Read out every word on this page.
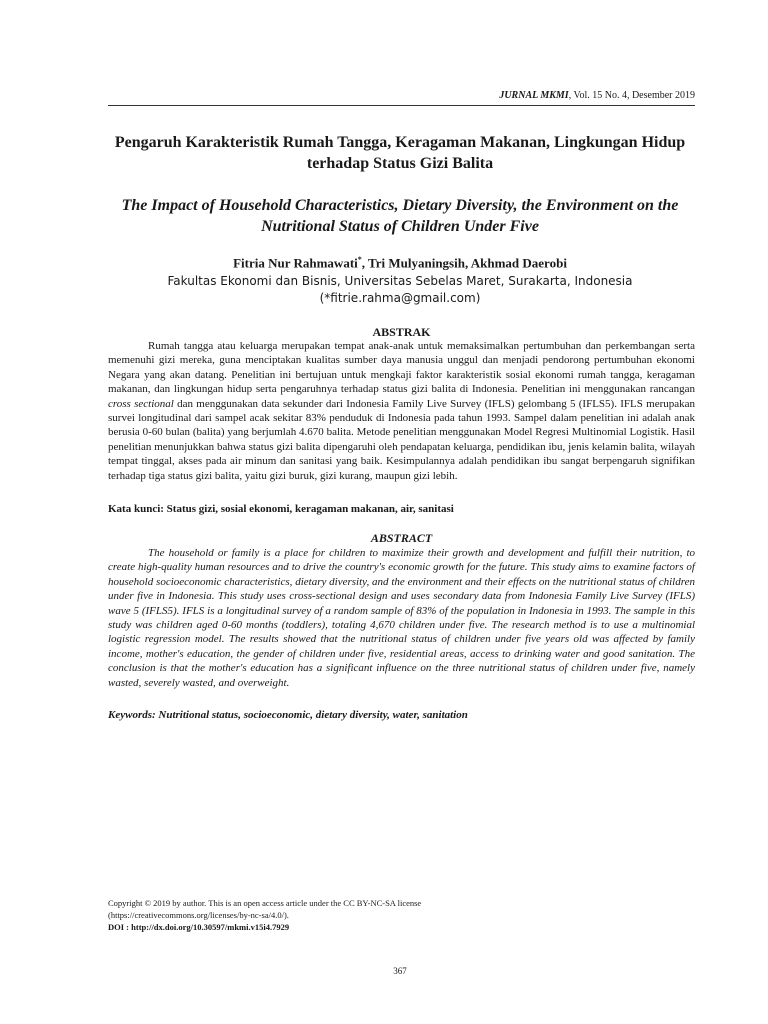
JURNAL MKMI, Vol. 15 No. 4, Desember 2019
Pengaruh Karakteristik Rumah Tangga, Keragaman Makanan, Lingkungan Hidup terhadap Status Gizi Balita
The Impact of Household Characteristics, Dietary Diversity, the Environment on the Nutritional Status of Children Under Five
Fitria Nur Rahmawati*, Tri Mulyaningsih, Akhmad Daerobi
Fakultas Ekonomi dan Bisnis, Universitas Sebelas Maret, Surakarta, Indonesia
(*fitrie.rahma@gmail.com)
ABSTRAK

Rumah tangga atau keluarga merupakan tempat anak-anak untuk memaksimalkan pertumbuhan dan perkembangan serta memenuhi gizi mereka, guna menciptakan kualitas sumber daya manusia unggul dan menjadi pendorong pertumbuhan ekonomi Negara yang akan datang. Penelitian ini bertujuan untuk mengkaji faktor karakteristik sosial ekonomi rumah tangga, keragaman makanan, dan lingkungan hidup serta pengaruhnya terhadap status gizi balita di Indonesia. Penelitian ini menggunakan rancangan cross sectional dan menggunakan data sekunder dari Indonesia Family Live Survey (IFLS) gelombang 5 (IFLS5). IFLS merupakan survei longitudinal dari sampel acak sekitar 83% penduduk di Indonesia pada tahun 1993. Sampel dalam penelitian ini adalah anak berusia 0-60 bulan (balita) yang berjumlah 4.670 balita. Metode penelitian menggunakan Model Regresi Multinomial Logistik. Hasil penelitian menunjukkan bahwa status gizi balita dipengaruhi oleh pendapatan keluarga, pendidikan ibu, jenis kelamin balita, wilayah tempat tinggal, akses pada air minum dan sanitasi yang baik. Kesimpulannya adalah pendidikan ibu sangat berpengaruh signifikan terhadap tiga status gizi balita, yaitu gizi buruk, gizi kurang, maupun gizi lebih.

Kata kunci: Status gizi, sosial ekonomi, keragaman makanan, air, sanitasi
ABSTRACT

The household or family is a place for children to maximize their growth and development and fulfill their nutrition, to create high-quality human resources and to drive the country's economic growth for the future. This study aims to examine factors of household socioeconomic characteristics, dietary diversity, and the environment and their effects on the nutritional status of children under five in Indonesia. This study uses cross-sectional design and uses secondary data from Indonesia Family Live Survey (IFLS) wave 5 (IFLS5). IFLS is a longitudinal survey of a random sample of 83% of the population in Indonesia in 1993. The sample in this study was children aged 0-60 months (toddlers), totaling 4,670 children under five. The research method is to use a multinomial logistic regression model. The results showed that the nutritional status of children under five years old was affected by family income, mother's education, the gender of children under five, residential areas, access to drinking water and good sanitation. The conclusion is that the mother's education has a significant influence on the three nutritional status of children under five, namely wasted, severely wasted, and overweight.

Keywords: Nutritional status, socioeconomic, dietary diversity, water, sanitation
Copyright © 2019 by author. This is an open access article under the CC BY-NC-SA license
(https://creativecommons.org/licenses/by-nc-sa/4.0/).
DOI : http://dx.doi.org/10.30597/mkmi.v15i4.7929
367
